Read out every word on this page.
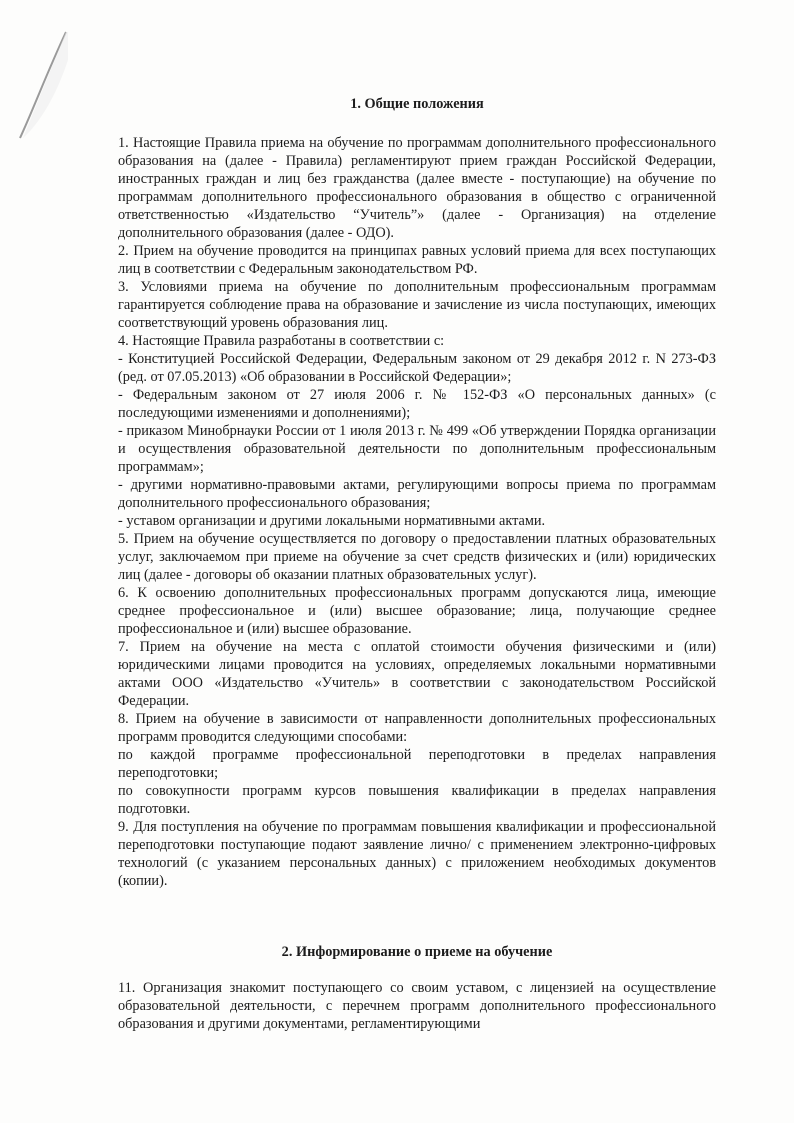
1. Общие положения

1. Настоящие Правила приема на обучение по программам дополнительного профессионального образования на (далее - Правила) регламентируют прием граждан Российской Федерации, иностранных граждан и лиц без гражданства (далее вместе - поступающие) на обучение по программам дополнительного профессионального образования в общество с ограниченной ответственностью «Издательство “Учитель”» (далее - Организация) на отделение дополнительного образования (далее - ОДО).

2. Прием на обучение проводится на принципах равных условий приема для всех поступающих лиц в соответствии с Федеральным законодательством РФ.

3. Условиями приема на обучение по дополнительным профессиональным программам гарантируется соблюдение права на образование и зачисление из числа поступающих, имеющих соответствующий уровень образования лиц.

4. Настоящие Правила разработаны в соответствии с:

- Конституцией Российской Федерации, Федеральным законом от 29 декабря 2012 г. N 273-ФЗ (ред. от 07.05.2013) «Об образовании в Российской Федерации»;

- Федеральным законом от 27 июля 2006 г. № 152-ФЗ «О персональных данных» (с последующими изменениями и дополнениями);

- приказом Минобрнауки России от 1 июля 2013 г. № 499 «Об утверждении Порядка организации и осуществления образовательной деятельности по дополнительным профессиональным программам»;

- другими нормативно-правовыми актами, регулирующими вопросы приема по программам дополнительного профессионального образования;

- уставом организации и другими локальными нормативными актами.

5. Прием на обучение осуществляется по договору о предоставлении платных образовательных услуг, заключаемом при приеме на обучение за счет средств физических и (или) юридических лиц (далее - договоры об оказании платных образовательных услуг).

6. К освоению дополнительных профессиональных программ допускаются лица, имеющие среднее профессиональное и (или) высшее образование; лица, получающие среднее профессиональное и (или) высшее образование.

7. Прием на обучение на места с оплатой стоимости обучения физическими и (или) юридическими лицами проводится на условиях, определяемых локальными нормативными актами ООО «Издательство «Учитель» в соответствии с законодательством Российской Федерации.

8. Прием на обучение в зависимости от направленности дополнительных профессиональных программ проводится следующими способами:

по каждой программе профессиональной переподготовки в пределах направления переподготовки;

по совокупности программ курсов повышения квалификации в пределах направления подготовки.

9. Для поступления на обучение по программам повышения квалификации и профессиональной переподготовки поступающие подают заявление лично/ с применением электронно-цифровых технологий (с указанием персональных данных) с приложением необходимых документов (копии).

2. Информирование о приеме на обучение

11. Организация знакомит поступающего со своим уставом, с лицензией на осуществление образовательной деятельности, с перечнем программ дополнительного профессионального образования и другими документами, регламентирующими
